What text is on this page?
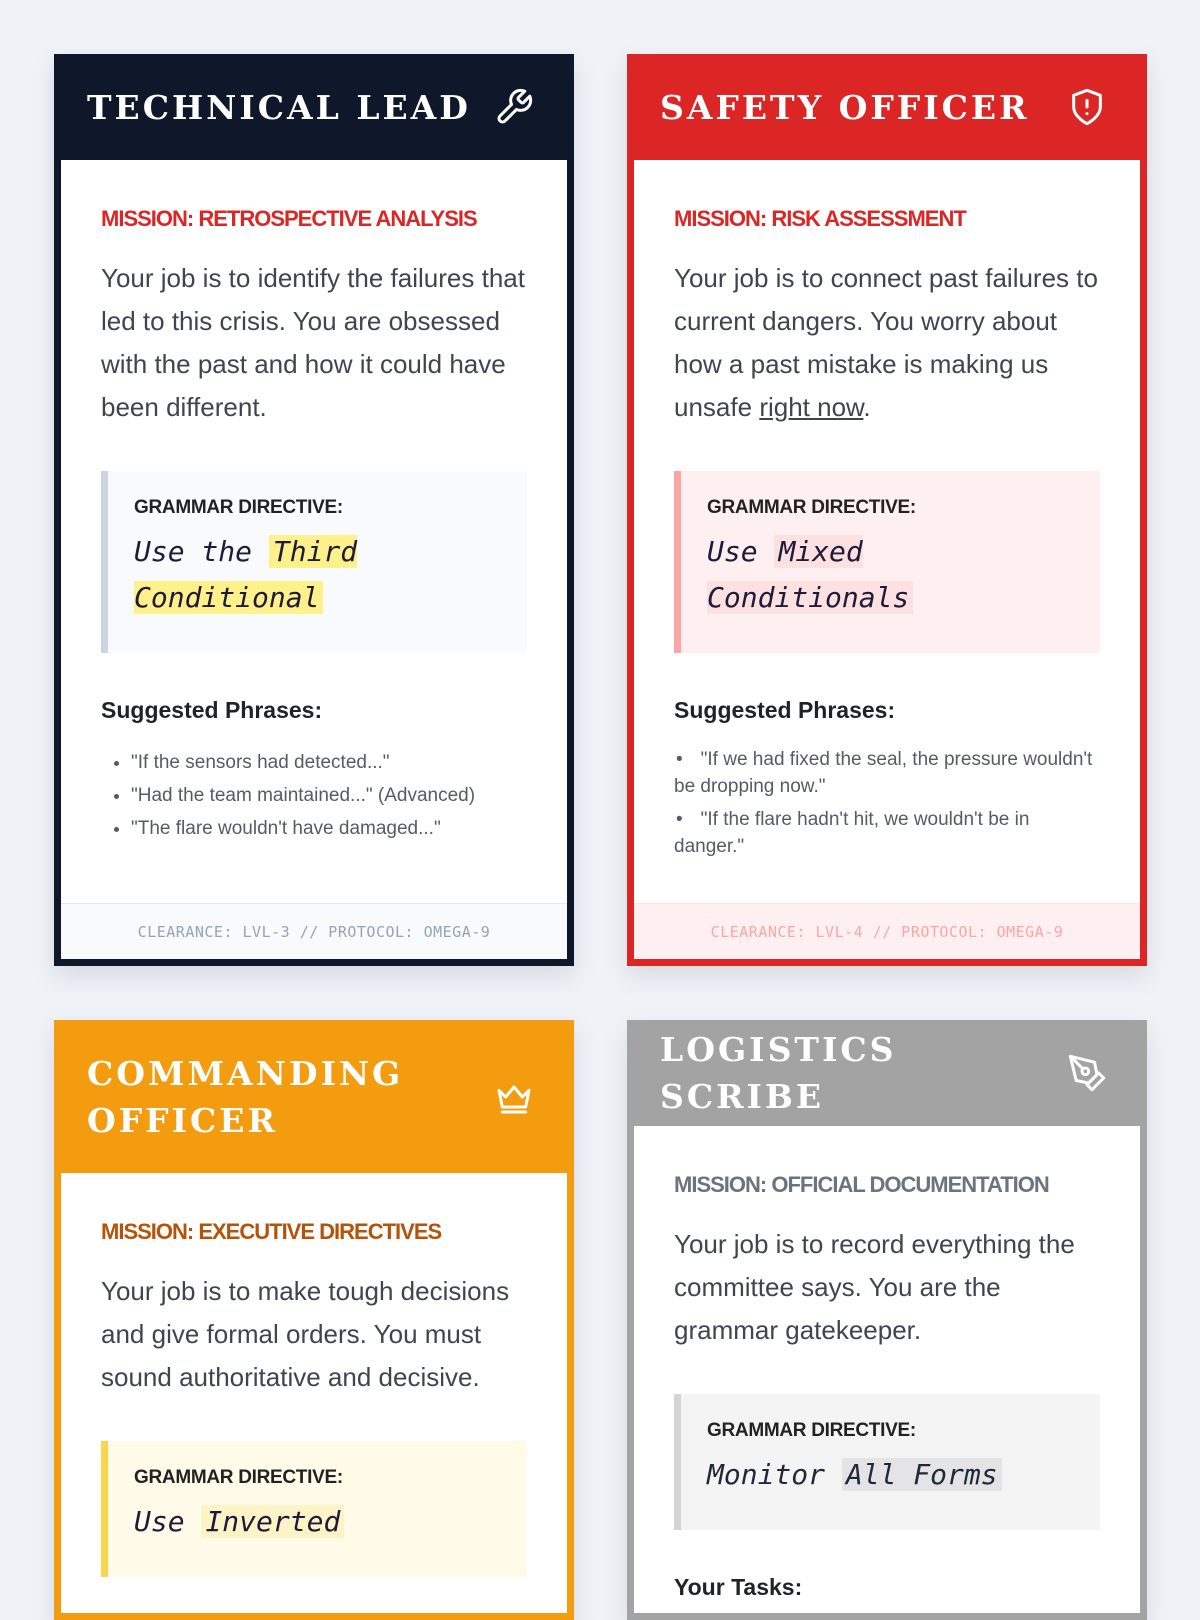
TECHNICAL LEAD
MISSION: RETROSPECTIVE ANALYSIS

Your job is to identify the failures that led to this crisis. You are obsessed with the past and how it could have been different.

GRAMMAR DIRECTIVE:
Use the Third Conditional
Suggested Phrases:
• "If the sensors had detected..."
• "Had the team maintained..." (Advanced)
• "The flare wouldn't have damaged..."
CLEARANCE: LVL-3 // PROTOCOL: OMEGA-9
SAFETY OFFICER
MISSION: RISK ASSESSMENT

Your job is to connect past failures to current dangers. You worry about how a past mistake is making us unsafe right now.

GRAMMAR DIRECTIVE:
Use Mixed Conditionals
Suggested Phrases:
• "If we had fixed the seal, the pressure wouldn't be dropping now."
• "If the flare hadn't hit, we wouldn't be in danger."
CLEARANCE: LVL-4 // PROTOCOL: OMEGA-9
COMMANDING OFFICER
MISSION: EXECUTIVE DIRECTIVES

Your job is to make tough decisions and give formal orders. You must sound authoritative and decisive.

GRAMMAR DIRECTIVE:
Use Inverted
LOGISTICS SCRIBE
MISSION: OFFICIAL DOCUMENTATION

Your job is to record everything the committee says. You are the grammar gatekeeper.

GRAMMAR DIRECTIVE:
Monitor All Forms
Your Tasks:
